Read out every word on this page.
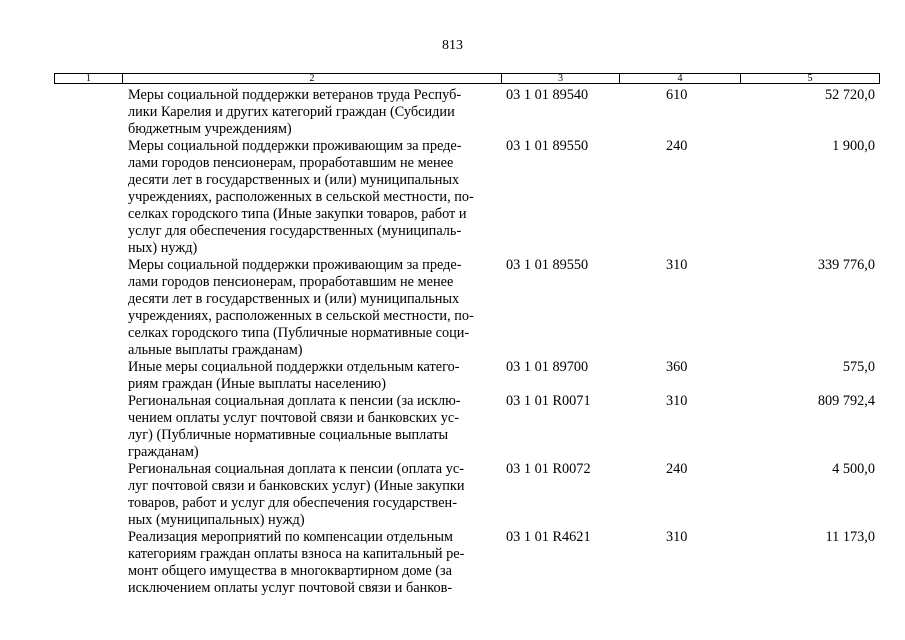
813
1	2	3	4	5
Меры социальной поддержки ветеранов труда Респуб-
лики Карелия и других категорий граждан (Субсидии
бюджетным учреждениям)
03 1 01 89540	610	52 720,0
Меры социальной поддержки проживающим за преде-
лами городов пенсионерам, проработавшим не менее
десяти лет в государственных и (или) муниципальных
учреждениях, расположенных в сельской местности, по-
селках городского типа (Иные закупки товаров, работ и
услуг для обеспечения государственных (муниципаль-
ных) нужд)
03 1 01 89550	240	1 900,0
Меры социальной поддержки проживающим за преде-
лами городов пенсионерам, проработавшим не менее
десяти лет в государственных и (или) муниципальных
учреждениях, расположенных в сельской местности, по-
селках городского типа (Публичные нормативные соци-
альные выплаты гражданам)
03 1 01 89550	310	339 776,0
Иные меры социальной поддержки отдельным катего-
риям граждан (Иные выплаты населению)
03 1 01 89700	360	575,0
Региональная социальная доплата к пенсии (за исклю-
чением оплаты услуг почтовой связи и банковских ус-
луг) (Публичные нормативные социальные выплаты
гражданам)
03 1 01 R0071	310	809 792,4
Региональная социальная доплата к пенсии (оплата ус-
луг почтовой связи и банковских услуг) (Иные закупки
товаров, работ и услуг для обеспечения государствен-
ных (муниципальных) нужд)
03 1 01 R0072	240	4 500,0
Реализация мероприятий по компенсации отдельным
категориям граждан оплаты взноса на капитальный ре-
монт общего имущества в многоквартирном доме (за
исключением оплаты услуг почтовой связи и банков-
03 1 01 R4621	310	11 173,0
